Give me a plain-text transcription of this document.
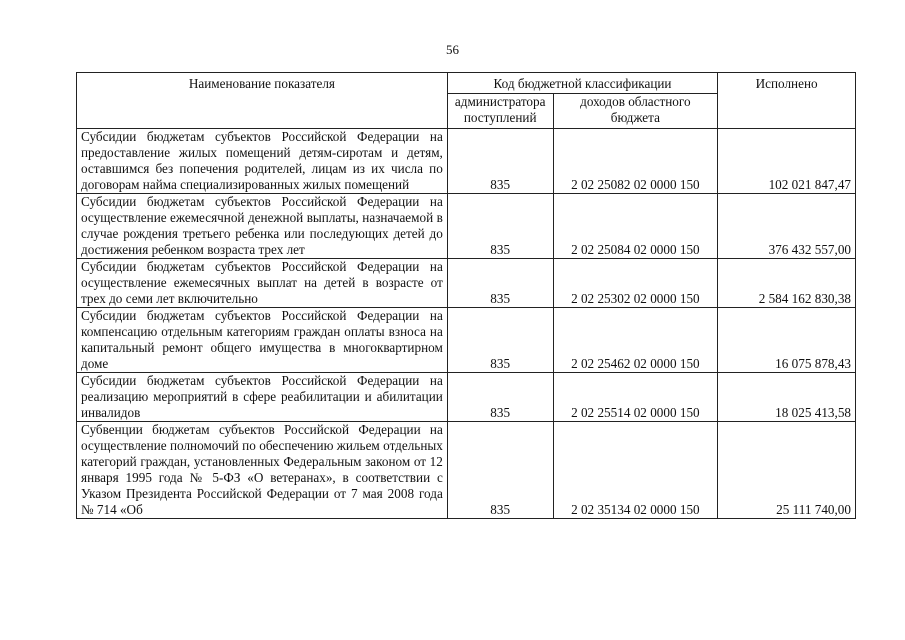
56
Наименование показателя	Код бюджетной классификации		Исполнено
	администратора поступлений	доходов областного бюджета	
Субсидии бюджетам субъектов Российской Федерации на предоставление жилых помещений детям-сиротам и детям, оставшимся без попечения родителей, лицам из их числа по договорам найма специализированных жилых помещений	835	2 02 25082 02 0000 150	102 021 847,47
Субсидии бюджетам субъектов Российской Федерации на осуществление ежемесячной денежной выплаты, назначаемой в случае рождения третьего ребенка или последующих детей до достижения ребенком возраста трех лет	835	2 02 25084 02 0000 150	376 432 557,00
Субсидии бюджетам субъектов Российской Федерации на осуществление ежемесячных выплат на детей в возрасте от трех до семи лет включительно	835	2 02 25302 02 0000 150	2 584 162 830,38
Субсидии бюджетам субъектов Российской Федерации на компенсацию отдельным категориям граждан оплаты взноса на капитальный ремонт общего имущества в многоквартирном доме	835	2 02 25462 02 0000 150	16 075 878,43
Субсидии бюджетам субъектов Российской Федерации на реализацию мероприятий в сфере реабилитации и абилитации инвалидов	835	2 02 25514 02 0000 150	18 025 413,58

Субвенции бюджетам субъектов Российской Федерации на осуществление полномочий по обеспечению жильем отдельных категорий граждан, установленных Федеральным законом от 12 января 1995 года № 5-ФЗ «О ветеранах», в соответствии с Указом Президента Российской Федерации от 7 мая 2008 года № 714 «Об	835	2 02 35134 02 0000 150	25 111 740,00
